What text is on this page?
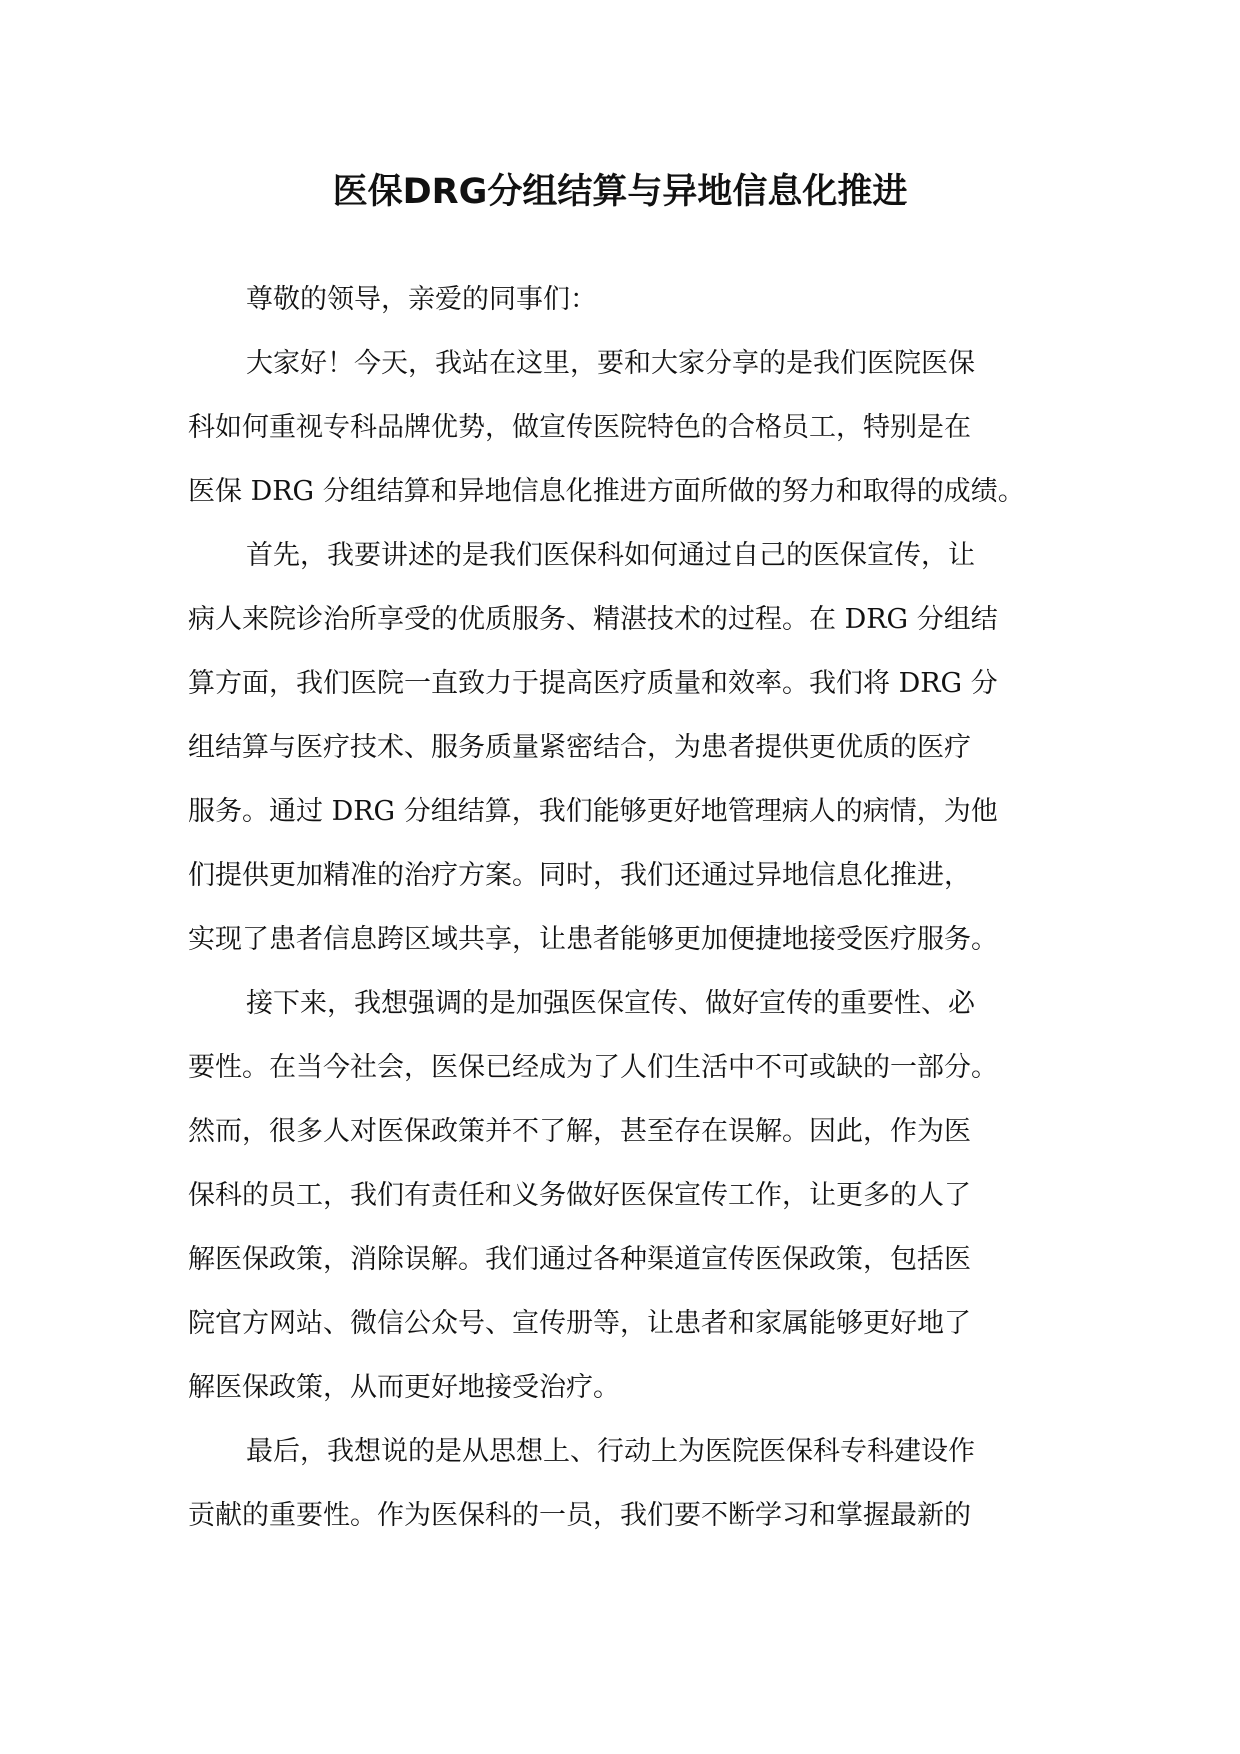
医保DRG分组结算与异地信息化推进
尊敬的领导，亲爱的同事们：
大家好！今天，我站在这里，要和大家分享的是我们医院医保
科如何重视专科品牌优势，做宣传医院特色的合格员工，特别是在
医保 DRG 分组结算和异地信息化推进方面所做的努力和取得的成绩。
首先，我要讲述的是我们医保科如何通过自己的医保宣传，让
病人来院诊治所享受的优质服务、精湛技术的过程。在 DRG 分组结
算方面，我们医院一直致力于提高医疗质量和效率。我们将 DRG 分
组结算与医疗技术、服务质量紧密结合，为患者提供更优质的医疗
服务。通过 DRG 分组结算，我们能够更好地管理病人的病情，为他
们提供更加精准的治疗方案。同时，我们还通过异地信息化推进，
实现了患者信息跨区域共享，让患者能够更加便捷地接受医疗服务。
接下来，我想强调的是加强医保宣传、做好宣传的重要性、必
要性。在当今社会，医保已经成为了人们生活中不可或缺的一部分。
然而，很多人对医保政策并不了解，甚至存在误解。因此，作为医
保科的员工，我们有责任和义务做好医保宣传工作，让更多的人了
解医保政策，消除误解。我们通过各种渠道宣传医保政策，包括医
院官方网站、微信公众号、宣传册等，让患者和家属能够更好地了
解医保政策，从而更好地接受治疗。
最后，我想说的是从思想上、行动上为医院医保科专科建设作
贡献的重要性。作为医保科的一员，我们要不断学习和掌握最新的
